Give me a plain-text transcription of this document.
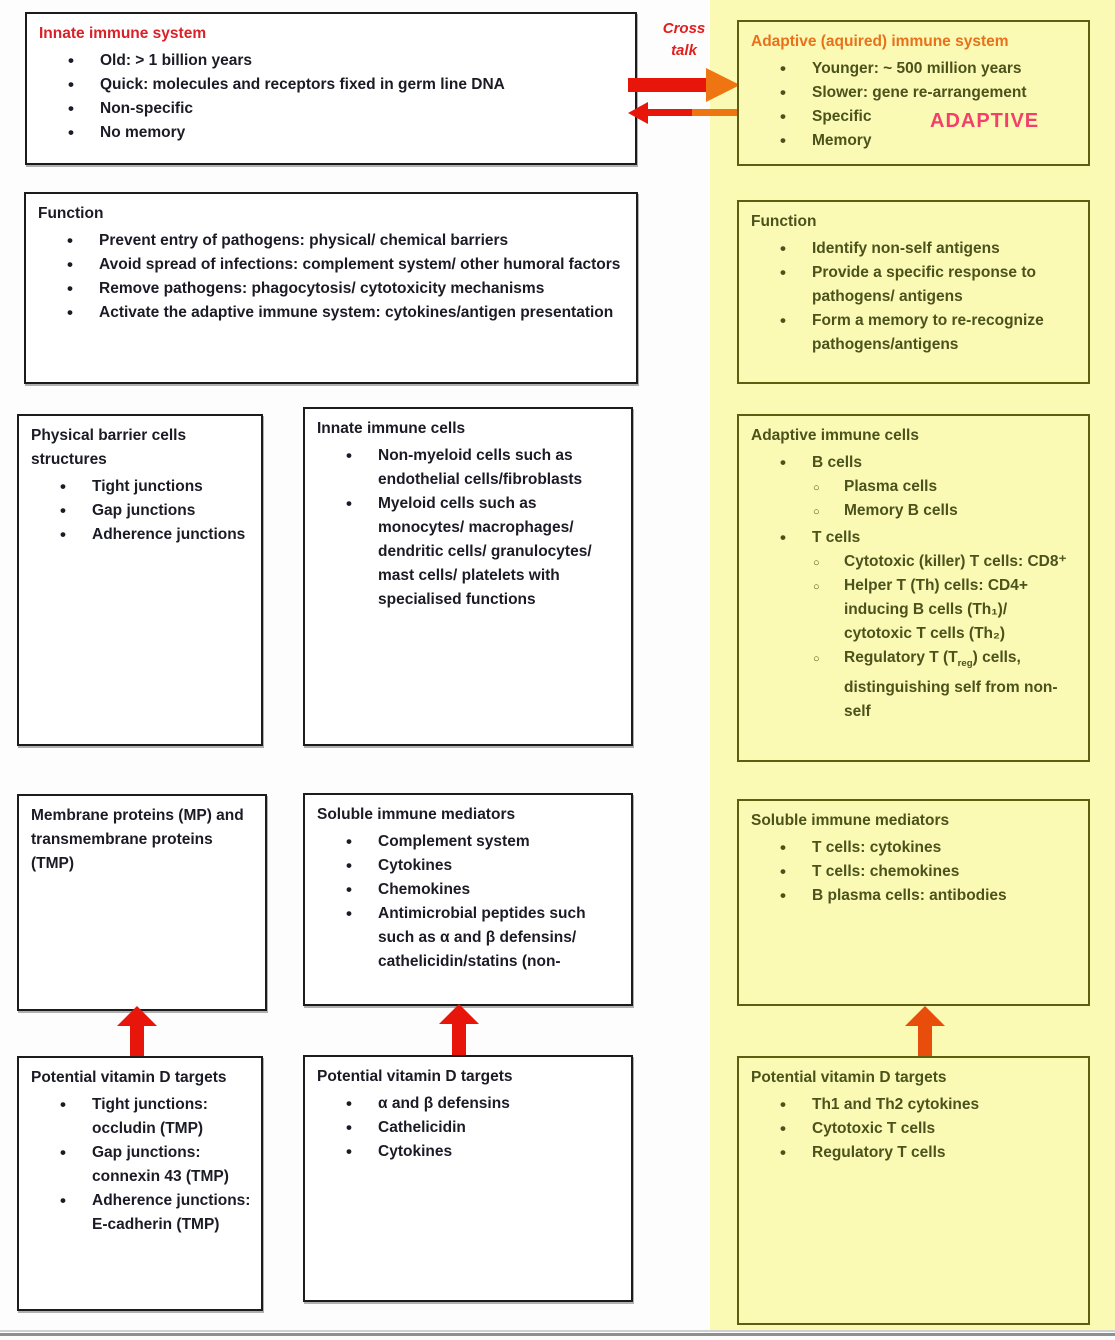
Innate immune system
• Old: > 1 billion years
• Quick: molecules and receptors fixed in germ line DNA
• Non-specific
• No memory
Cross
talk
Adaptive (aquired) immune system
• Younger: ~ 500 million years
• Slower: gene re-arrangement
• Specific
• Memory
ADAPTIVE
Function
• Prevent entry of pathogens: physical/ chemical barriers
• Avoid spread of infections: complement system/ other humoral factors
• Remove pathogens: phagocytosis/ cytotoxicity mechanisms
• Activate the adaptive immune system: cytokines/antigen presentation
Function
• Identify non-self antigens
• Provide a specific response to pathogens/ antigens
• Form a memory to re-recognize pathogens/antigens
Physical barrier cells structures
• Tight junctions
• Gap junctions
• Adherence junctions
Innate immune cells
• Non-myeloid cells such as endothelial cells/fibroblasts
• Myeloid cells such as monocytes/ macrophages/ dendritic cells/ granulocytes/ mast cells/ platelets with specialised functions
Adaptive immune cells
• B cells
○ Plasma cells
○ Memory B cells
• T cells
○ Cytotoxic (killer) T cells: CD8⁺
○ Helper T (Th) cells: CD4+ inducing B cells (Th₁)/ cytotoxic T cells (Th₂)
○ Regulatory T $(T_{reg})$ cells, distinguishing self from non-self
Membrane proteins (MP) and transmembrane proteins (TMP)
Soluble immune mediators
• Complement system
• Cytokines
• Chemokines
• Antimicrobial peptides such such as α and β defensins/ cathelicidin/statins (non-
Soluble immune mediators
• T cells: cytokines
• T cells: chemokines
• B plasma cells: antibodies
Potential vitamin D targets
• Tight junctions: occludin (TMP)
• Gap junctions: connexin 43 (TMP)
• Adherence junctions: E-cadherin (TMP)
Potential vitamin D targets
• α and β defensins
• Cathelicidin
• Cytokines
Potential vitamin D targets
• Th1 and Th2 cytokines
• Cytotoxic T cells
• Regulatory T cells
